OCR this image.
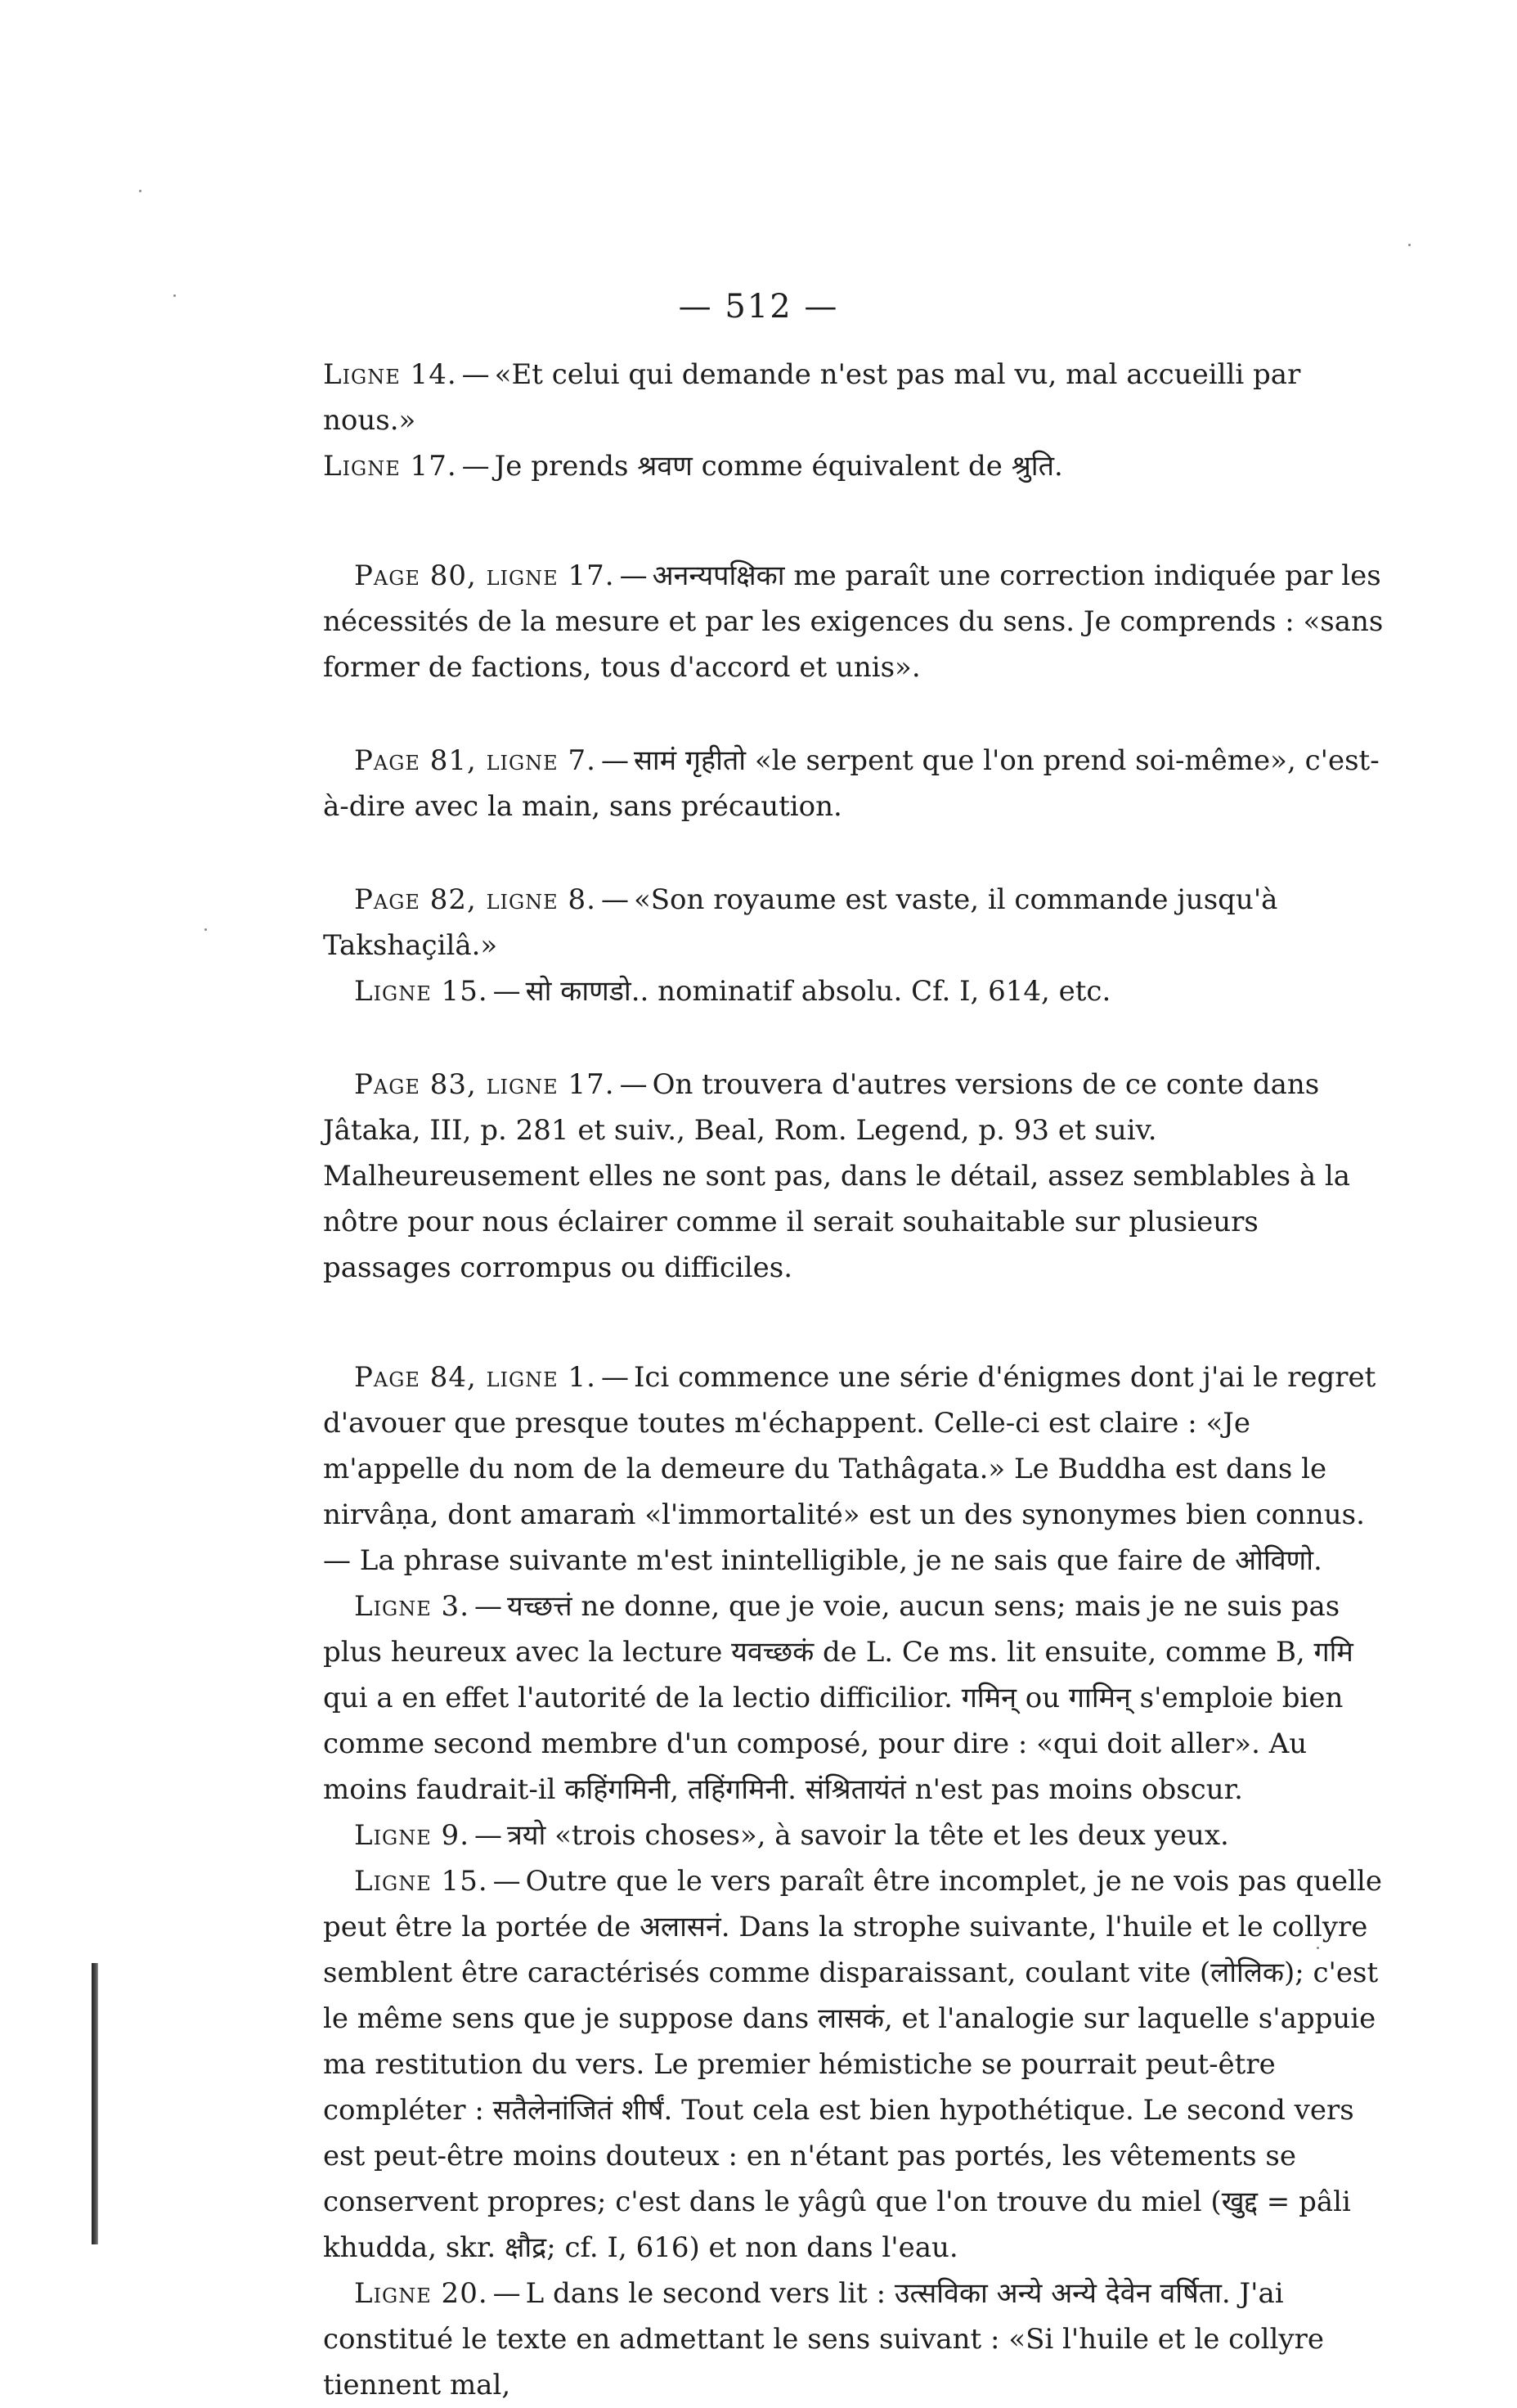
— 512 —

Ligne 14. — «Et celui qui demande n'est pas mal vu, mal accueilli par nous.»

Ligne 17. — Je prends श्रवण comme équivalent de श्रुति.

Page 80, ligne 17. — अनन्यपक्षिका me paraît une correction indiquée par les nécessités de la mesure et par les exigences du sens. Je comprends : «sans former de factions, tous d'accord et unis».

Page 81, ligne 7. — सामं गृहीतो «le serpent que l'on prend soi-même», c'est-à-dire avec la main, sans précaution.

Page 82, ligne 8. — «Son royaume est vaste, il commande jusqu'à Takshaçilâ.»

Ligne 15. — सो काणडो.. nominatif absolu. Cf. I, 614, etc.

Page 83, ligne 17. — On trouvera d'autres versions de ce conte dans Jâtaka, III, p. 281 et suiv., Beal, Rom. Legend, p. 93 et suiv. Malheureusement elles ne sont pas, dans le détail, assez semblables à la nôtre pour nous éclairer comme il serait souhaitable sur plusieurs passages corrompus ou difficiles.

Page 84, ligne 1. — Ici commence une série d'énigmes dont j'ai le regret d'avouer que presque toutes m'échappent. Celle-ci est claire : «Je m'appelle du nom de la demeure du Tathâgata.» Le Buddha est dans le nirvâṇa, dont amaraṁ «l'immortalité» est un des synonymes bien connus. — La phrase suivante m'est inintelligible, je ne sais que faire de ओविणो.

Ligne 3. — यच्छत्तं ne donne, que je voie, aucun sens; mais je ne suis pas plus heureux avec la lecture यवच्छकं de L. Ce ms. lit ensuite, comme B, गमि qui a en effet l'autorité de la lectio difficilior. गमिन् ou गामिन् s'emploie bien comme second membre d'un composé, pour dire : «qui doit aller». Au moins faudrait-il कहिंगमिनी, तहिंगमिनी. संश्रितायंतं n'est pas moins obscur.

Ligne 9. — त्रयो «trois choses», à savoir la tête et les deux yeux.

Ligne 15. — Outre que le vers paraît être incomplet, je ne vois pas quelle peut être la portée de अलासनं. Dans la strophe suivante, l'huile et le collyre semblent être caractérisés comme disparaissant, coulant vite (लोलिक); c'est le même sens que je suppose dans लासकं, et l'analogie sur laquelle s'appuie ma restitution du vers. Le premier hémistiche se pourrait peut-être compléter : सतैलेनांजितं शीर्षं. Tout cela est bien hypothétique. Le second vers est peut-être moins douteux : en n'étant pas portés, les vêtements se conservent propres; c'est dans le yâgû que l'on trouve du miel (खुद्द = pâli khudda, skr. क्षौद्र; cf. I, 616) et non dans l'eau.

Ligne 20. — L dans le second vers lit : उत्सविका अन्ये अन्ये देवेन वर्षिता. J'ai constitué le texte en admettant le sens suivant : «Si l'huile et le collyre tiennent mal,
